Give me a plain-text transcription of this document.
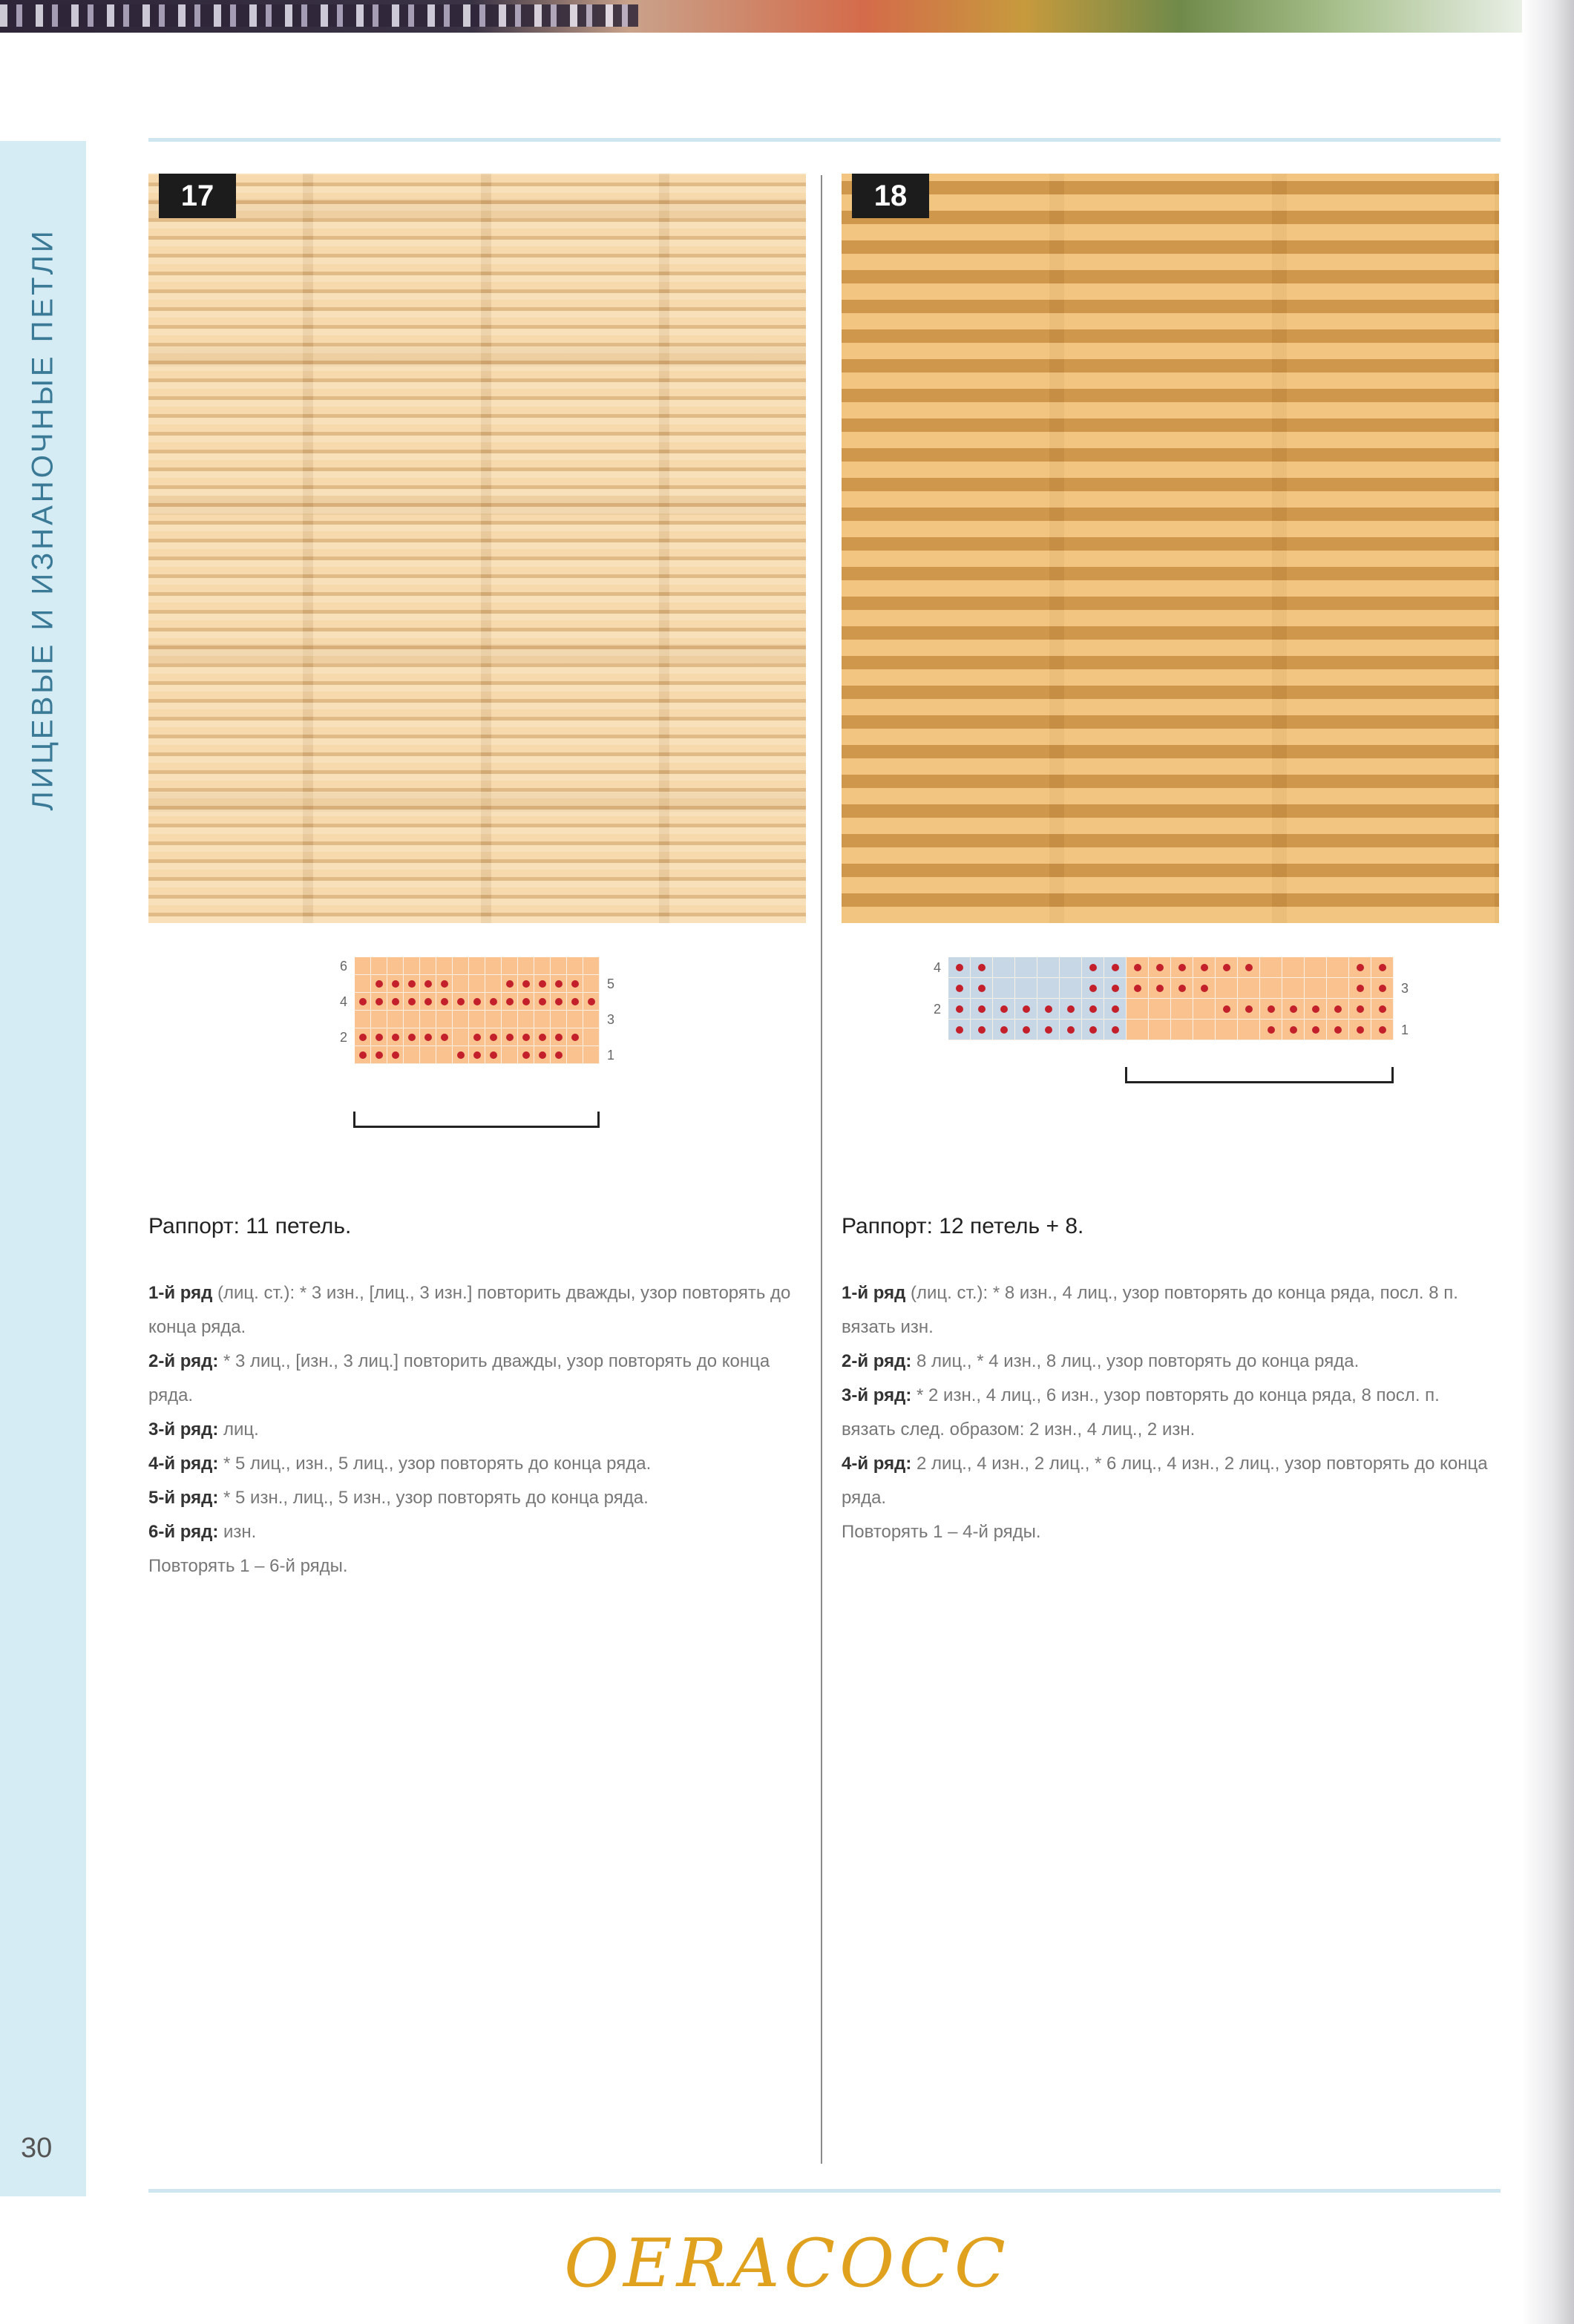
ЛИЦЕВЫЕ И ИЗНАНОЧНЫЕ ПЕТЛИ
30
17
6
5
4
3
2
1

Раппорт: 11 петель.

1-й ряд (лиц. ст.): * 3 изн., [лиц., 3 изн.] повторить дважды, узор повторять до конца ряда.

2-й ряд: * 3 лиц., [изн., 3 лиц.] повторить дважды, узор повторять до конца ряда.

3-й ряд: лиц.

4-й ряд: * 5 лиц., изн., 5 лиц., узор повторять до конца ряда.

5-й ряд: * 5 изн., лиц., 5 изн., узор повторять до конца ряда.

6-й ряд: изн.

Повторять 1 – 6-й ряды.

18
4
3
2
1

Раппорт: 12 петель + 8.

1-й ряд (лиц. ст.): * 8 изн., 4 лиц., узор повторять до конца ряда, посл. 8 п. вязать изн.

2-й ряд: 8 лиц., * 4 изн., 8 лиц., узор повторять до конца ряда.

3-й ряд: * 2 изн., 4 лиц., 6 изн., узор повторять до конца ряда, 8 посл. п. вязать след. образом: 2 изн., 4 лиц., 2 изн.

4-й ряд: 2 лиц., 4 изн., 2 лиц., * 6 лиц., 4 изн., 2 лиц., узор повторять до конца ряда.

Повторять 1 – 4-й ряды.

OERACOCC
